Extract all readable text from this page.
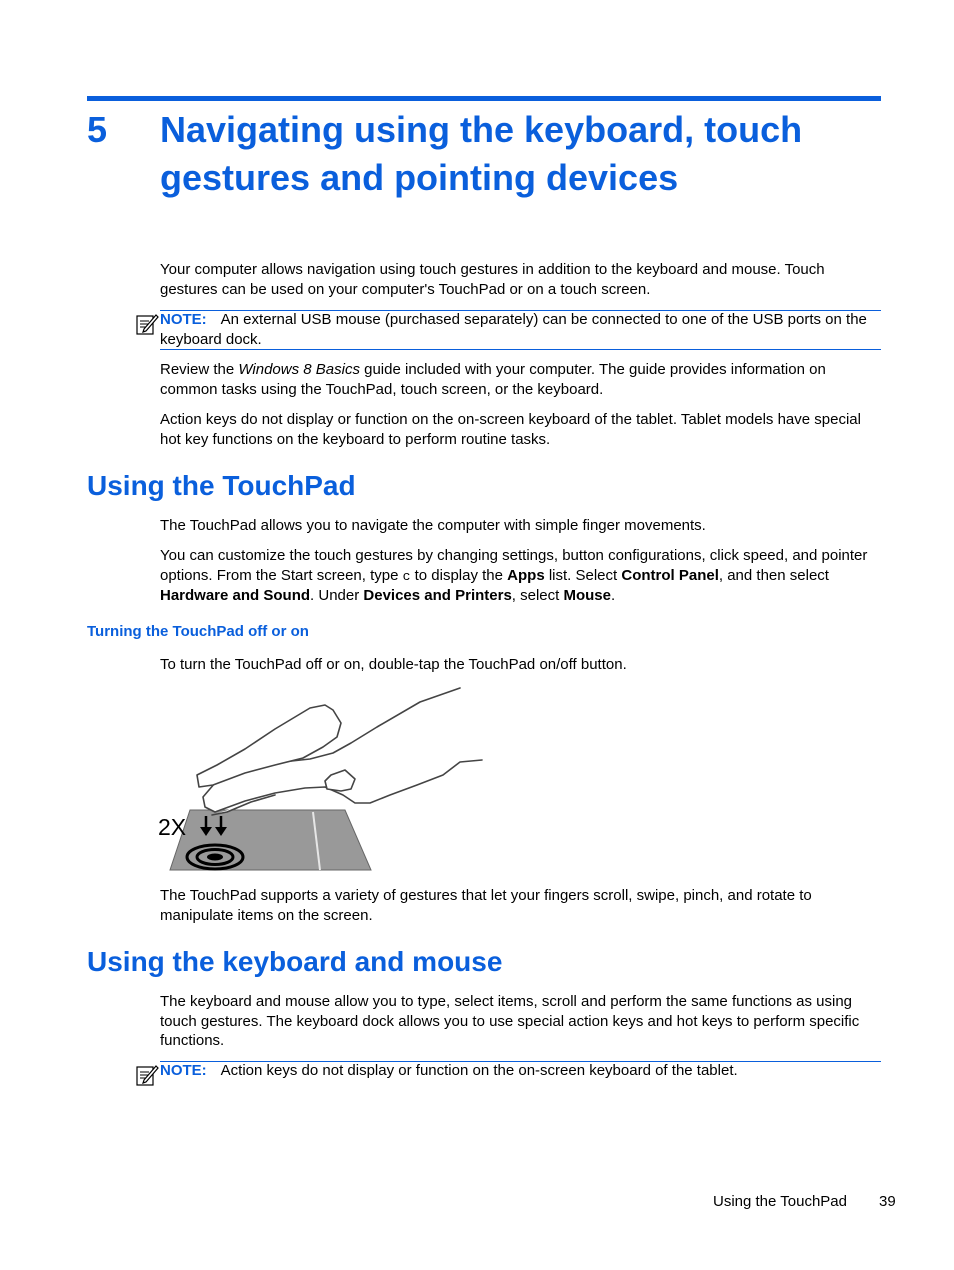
5 Navigating using the keyboard, touch gestures and pointing devices
Your computer allows navigation using touch gestures in addition to the keyboard and mouse. Touch gestures can be used on your computer's TouchPad or on a touch screen.
NOTE: An external USB mouse (purchased separately) can be connected to one of the USB ports on the keyboard dock.
Review the Windows 8 Basics guide included with your computer. The guide provides information on common tasks using the TouchPad, touch screen, or the keyboard.
Action keys do not display or function on the on-screen keyboard of the tablet. Tablet models have special hot key functions on the keyboard to perform routine tasks.
Using the TouchPad
The TouchPad allows you to navigate the computer with simple finger movements.
You can customize the touch gestures by changing settings, button configurations, click speed, and pointer options. From the Start screen, type c to display the Apps list. Select Control Panel, and then select Hardware and Sound. Under Devices and Printers, select Mouse.
Turning the TouchPad off or on
To turn the TouchPad off or on, double-tap the TouchPad on/off button.
2X
The TouchPad supports a variety of gestures that let your fingers scroll, swipe, pinch, and rotate to manipulate items on the screen.
Using the keyboard and mouse
The keyboard and mouse allow you to type, select items, scroll and perform the same functions as using touch gestures. The keyboard dock allows you to use special action keys and hot keys to perform specific functions.
NOTE: Action keys do not display or function on the on-screen keyboard of the tablet.
Using the TouchPad 39
